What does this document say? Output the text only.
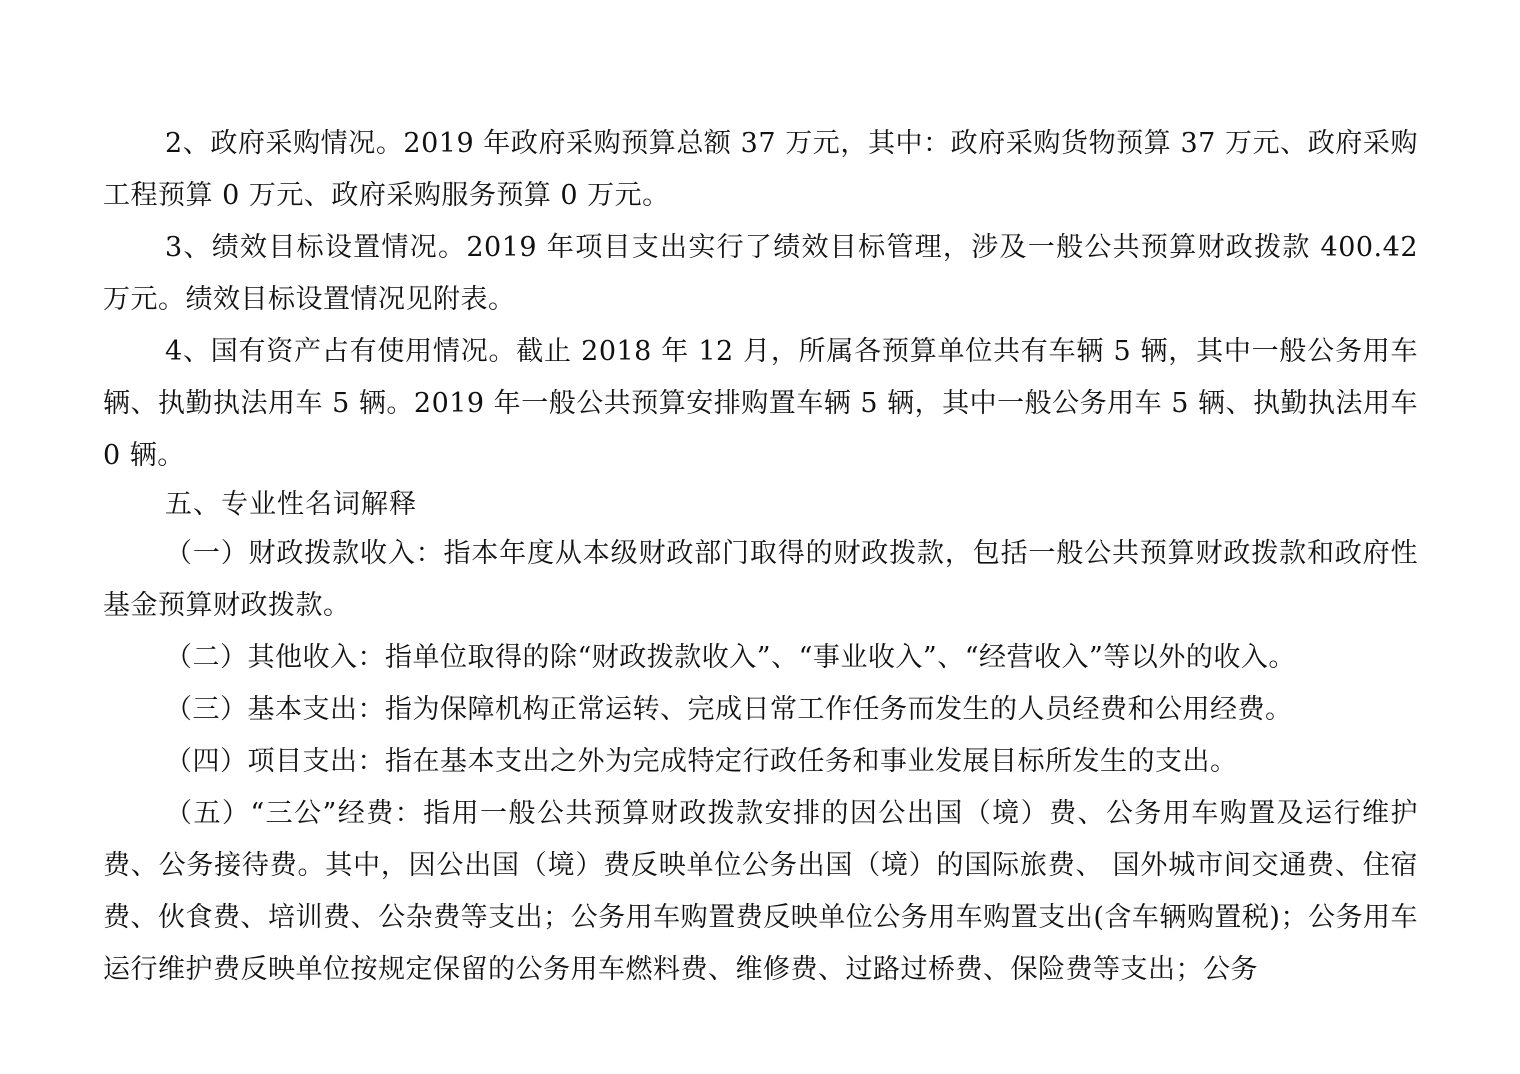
2、政府采购情况。2019 年政府采购预算总额 37 万元，其中：政府采购货物预算 37 万元、政府采购工程预算 0 万元、政府采购服务预算 0 万元。

3、绩效目标设置情况。2019 年项目支出实行了绩效目标管理，涉及一般公共预算财政拨款 400.42 万元。绩效目标设置情况见附表。

4、国有资产占有使用情况。截止 2018 年 12 月，所属各预算单位共有车辆 5 辆，其中一般公务用车辆、执勤执法用车 5 辆。2019 年一般公共预算安排购置车辆 5 辆，其中一般公务用车 5 辆、执勤执法用车 0 辆。

五、专业性名词解释

（一）财政拨款收入：指本年度从本级财政部门取得的财政拨款，包括一般公共预算财政拨款和政府性基金预算财政拨款。

（二）其他收入：指单位取得的除“财政拨款收入”、“事业收入”、“经营收入”等以外的收入。

（三）基本支出：指为保障机构正常运转、完成日常工作任务而发生的人员经费和公用经费。

（四）项目支出：指在基本支出之外为完成特定行政任务和事业发展目标所发生的支出。

（五）“三公”经费：指用一般公共预算财政拨款安排的因公出国（境）费、公务用车购置及运行维护费、公务接待费。其中，因公出国（境）费反映单位公务出国（境）的国际旅费、 国外城市间交通费、住宿费、伙食费、培训费、公杂费等支出；公务用车购置费反映单位公务用车购置支出(含车辆购置税)；公务用车运行维护费反映单位按规定保留的公务用车燃料费、维修费、过路过桥费、保险费等支出；公务
